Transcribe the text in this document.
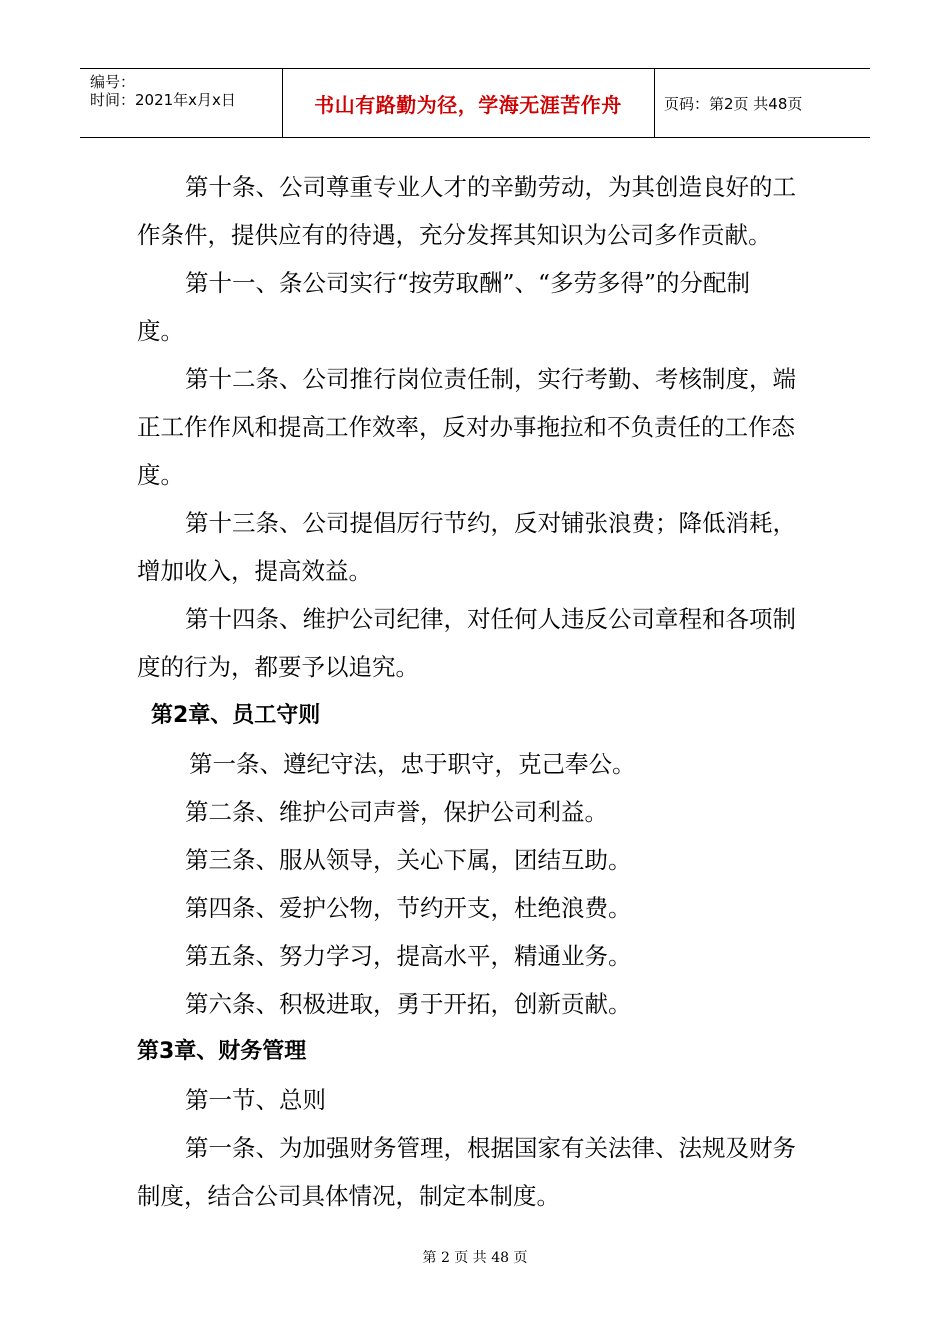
编号：
时间：2021年x月x日	书山有路勤为径，学海无涯苦作舟	页码：第2页 共48页
第十条、公司尊重专业人才的辛勤劳动，为其创造良好的工
作条件，提供应有的待遇，充分发挥其知识为公司多作贡献。
第十一、条公司实行“按劳取酬”、“多劳多得”的分配制
度。
第十二条、公司推行岗位责任制，实行考勤、考核制度，端
正工作作风和提高工作效率，反对办事拖拉和不负责任的工作态
度。
第十三条、公司提倡厉行节约，反对铺张浪费；降低消耗，
增加收入，提高效益。
第十四条、维护公司纪律，对任何人违反公司章程和各项制
度的行为，都要予以追究。
第2章、员工守则
第一条、遵纪守法，忠于职守，克己奉公。
第二条、维护公司声誉，保护公司利益。
第三条、服从领导，关心下属，团结互助。
第四条、爱护公物，节约开支，杜绝浪费。
第五条、努力学习，提高水平，精通业务。
第六条、积极进取，勇于开拓，创新贡献。
第3章、财务管理
第一节、总则
第一条、为加强财务管理，根据国家有关法律、法规及财务
制度，结合公司具体情况，制定本制度。
第 2 页 共 48 页
